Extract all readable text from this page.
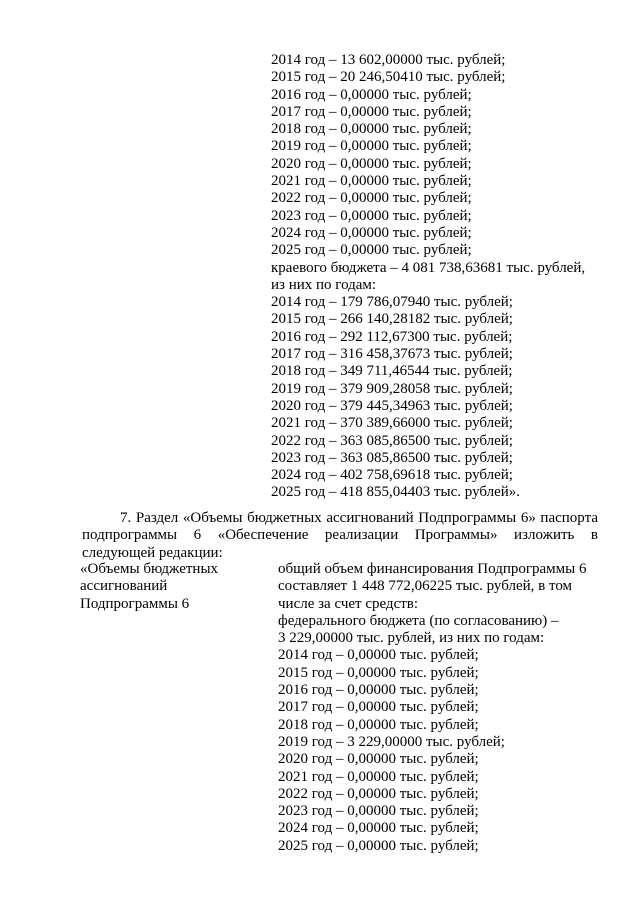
2014 год – 13 602,00000 тыс. рублей;
2015 год – 20 246,50410 тыс. рублей;
2016 год – 0,00000 тыс. рублей;
2017 год – 0,00000 тыс. рублей;
2018 год – 0,00000 тыс. рублей;
2019 год – 0,00000 тыс. рублей;
2020 год – 0,00000 тыс. рублей;
2021 год – 0,00000 тыс. рублей;
2022 год – 0,00000 тыс. рублей;
2023 год – 0,00000 тыс. рублей;
2024 год – 0,00000 тыс. рублей;
2025 год – 0,00000 тыс. рублей;
краевого бюджета – 4 081 738,63681 тыс. рублей,
из них по годам:
2014 год – 179 786,07940 тыс. рублей;
2015 год – 266 140,28182 тыс. рублей;
2016 год – 292 112,67300 тыс. рублей;
2017 год – 316 458,37673 тыс. рублей;
2018 год – 349 711,46544 тыс. рублей;
2019 год – 379 909,28058 тыс. рублей;
2020 год – 379 445,34963 тыс. рублей;
2021 год – 370 389,66000 тыс. рублей;
2022 год – 363 085,86500 тыс. рублей;
2023 год – 363 085,86500 тыс. рублей;
2024 год – 402 758,69618 тыс. рублей;
2025 год – 418 855,04403 тыс. рублей».
7. Раздел «Объемы бюджетных ассигнований Подпрограммы 6» паспорта подпрограммы 6 «Обеспечение реализации Программы» изложить в следующей редакции:
«Объемы бюджетных
ассигнований
Подпрограммы 6
общий объем финансирования Подпрограммы 6
составляет 1 448 772,06225 тыс. рублей, в том
числе за счет средств:
федерального бюджета (по согласованию) –
3 229,00000 тыс. рублей, из них по годам:
2014 год – 0,00000 тыс. рублей;
2015 год – 0,00000 тыс. рублей;
2016 год – 0,00000 тыс. рублей;
2017 год – 0,00000 тыс. рублей;
2018 год – 0,00000 тыс. рублей;
2019 год – 3 229,00000 тыс. рублей;
2020 год – 0,00000 тыс. рублей;
2021 год – 0,00000 тыс. рублей;
2022 год – 0,00000 тыс. рублей;
2023 год – 0,00000 тыс. рублей;
2024 год – 0,00000 тыс. рублей;
2025 год – 0,00000 тыс. рублей;
